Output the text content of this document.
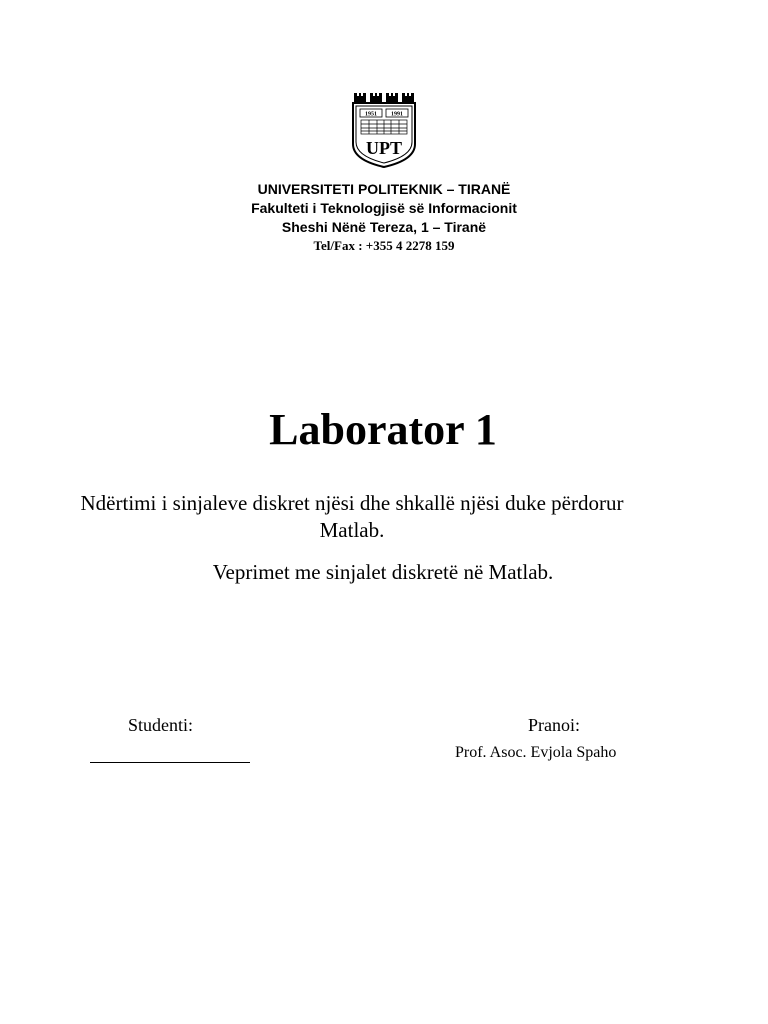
1951 1991
UPT
UNIVERSITETI POLITEKNIK – TIRANË
Fakulteti i Teknologjisë së Informacionit
Sheshi Nënë Tereza, 1 – Tiranë
Tel/Fax : +355 4 2278 159
Laborator 1
Ndërtimi i sinjaleve diskret njësi dhe shkallë njësi duke përdorur Matlab.
Veprimet me sinjalet diskretë në Matlab.
Studenti:	Pranoi:
Prof. Asoc. Evjola Spaho
